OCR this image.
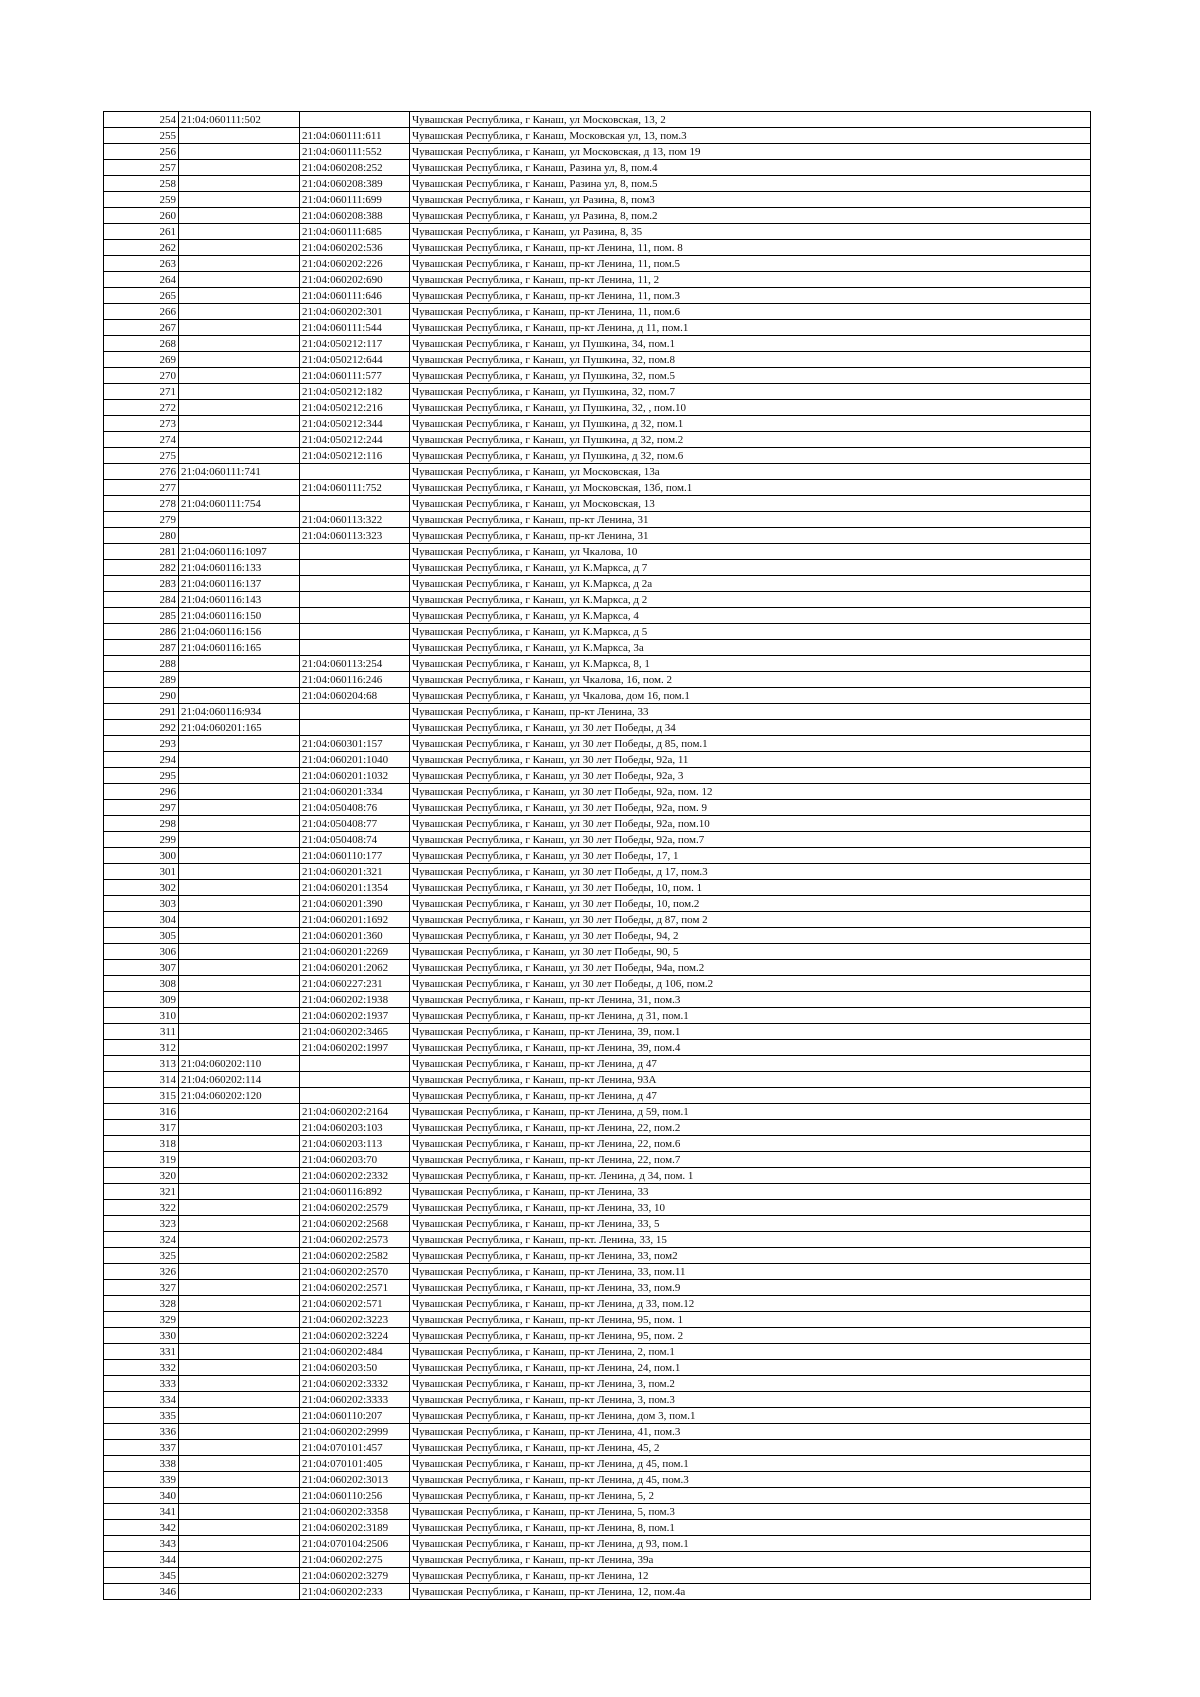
254	21:04:060111:502		Чувашская Республика, г Канаш, ул Московская, 13, 2
255		21:04:060111:611	Чувашская Республика, г Канаш, Московская ул, 13, пом.3
256		21:04:060111:552	Чувашская Республика, г Канаш, ул Московская, д 13, пом 19
257		21:04:060208:252	Чувашская Республика, г Канаш, Разина ул, 8, пом.4
258		21:04:060208:389	Чувашская Республика, г Канаш, Разина ул, 8, пом.5
259		21:04:060111:699	Чувашская Республика, г Канаш, ул Разина, 8, пом3
260		21:04:060208:388	Чувашская Республика, г Канаш, ул Разина, 8, пом.2
261		21:04:060111:685	Чувашская Республика, г Канаш, ул Разина, 8, 35
262		21:04:060202:536	Чувашская Республика, г Канаш, пр-кт Ленина, 11, пом. 8
263		21:04:060202:226	Чувашская Республика, г Канаш, пр-кт Ленина, 11, пом.5
264		21:04:060202:690	Чувашская Республика, г Канаш, пр-кт Ленина, 11, 2
265		21:04:060111:646	Чувашская Республика, г Канаш, пр-кт Ленина, 11, пом.3
266		21:04:060202:301	Чувашская Республика, г Канаш, пр-кт Ленина, 11, пом.6
267		21:04:060111:544	Чувашская Республика, г Канаш, пр-кт Ленина, д 11, пом.1
268		21:04:050212:117	Чувашская Республика, г Канаш, ул Пушкина, 34, пом.1
269		21:04:050212:644	Чувашская Республика, г Канаш, ул Пушкина, 32, пом.8
270		21:04:060111:577	Чувашская Республика, г Канаш, ул Пушкина, 32, пом.5
271		21:04:050212:182	Чувашская Республика, г Канаш, ул Пушкина, 32, пом.7
272		21:04:050212:216	Чувашская Республика, г Канаш, ул Пушкина, 32, , пом.10
273		21:04:050212:344	Чувашская Республика, г Канаш, ул Пушкина, д 32, пом.1
274		21:04:050212:244	Чувашская Республика, г Канаш, ул Пушкина, д 32, пом.2
275		21:04:050212:116	Чувашская Республика, г Канаш, ул Пушкина, д 32, пом.6
276	21:04:060111:741		Чувашская Республика, г Канаш, ул Московская, 13а
277		21:04:060111:752	Чувашская Республика, г Канаш, ул Московская, 13б, пом.1
278	21:04:060111:754		Чувашская Республика, г Канаш, ул Московская, 13
279		21:04:060113:322	Чувашская Республика, г Канаш, пр-кт Ленина, 31
280		21:04:060113:323	Чувашская Республика, г Канаш, пр-кт Ленина, 31
281	21:04:060116:1097		Чувашская Республика, г Канаш, ул Чкалова, 10
282	21:04:060116:133		Чувашская Республика, г Канаш, ул К.Маркса, д 7
283	21:04:060116:137		Чувашская Республика, г Канаш, ул К.Маркса, д 2а
284	21:04:060116:143		Чувашская Республика, г Канаш, ул К.Маркса, д 2
285	21:04:060116:150		Чувашская Республика, г Канаш, ул К.Маркса, 4
286	21:04:060116:156		Чувашская Республика, г Канаш, ул К.Маркса, д 5
287	21:04:060116:165		Чувашская Республика, г Канаш, ул К.Маркса, 3а
288		21:04:060113:254	Чувашская Республика, г Канаш, ул К.Маркса, 8, 1
289		21:04:060116:246	Чувашская Республика, г Канаш, ул Чкалова, 16, пом. 2
290		21:04:060204:68	Чувашская Республика, г Канаш, ул Чкалова, дом 16, пом.1
291	21:04:060116:934		Чувашская Республика, г Канаш, пр-кт Ленина, 33
292	21:04:060201:165		Чувашская Республика, г Канаш, ул 30 лет Победы, д 34
293		21:04:060301:157	Чувашская Республика, г Канаш, ул 30 лет Победы, д 85, пом.1
294		21:04:060201:1040	Чувашская Республика, г Канаш, ул 30 лет Победы, 92а, 11
295		21:04:060201:1032	Чувашская Республика, г Канаш, ул 30 лет Победы, 92а, 3
296		21:04:060201:334	Чувашская Республика, г Канаш, ул 30 лет Победы, 92а, пом. 12
297		21:04:050408:76	Чувашская Республика, г Канаш, ул 30 лет Победы, 92а, пом. 9
298		21:04:050408:77	Чувашская Республика, г Канаш, ул 30 лет Победы, 92а, пом.10
299		21:04:050408:74	Чувашская Республика, г Канаш, ул 30 лет Победы, 92а, пом.7
300		21:04:060110:177	Чувашская Республика, г Канаш, ул 30 лет Победы, 17, 1
301		21:04:060201:321	Чувашская Республика, г Канаш, ул 30 лет Победы, д 17, пом.3
302		21:04:060201:1354	Чувашская Республика, г Канаш, ул 30 лет Победы, 10, пом. 1
303		21:04:060201:390	Чувашская Республика, г Канаш, ул 30 лет Победы, 10, пом.2
304		21:04:060201:1692	Чувашская Республика, г Канаш, ул 30 лет Победы, д 87, пом 2
305		21:04:060201:360	Чувашская Республика, г Канаш, ул 30 лет Победы, 94, 2
306		21:04:060201:2269	Чувашская Республика, г Канаш, ул 30 лет Победы, 90, 5
307		21:04:060201:2062	Чувашская Республика, г Канаш, ул 30 лет Победы, 94а, пом.2
308		21:04:060227:231	Чувашская Республика, г Канаш, ул 30 лет Победы, д 106, пом.2
309		21:04:060202:1938	Чувашская Республика, г Канаш, пр-кт Ленина, 31, пом.3
310		21:04:060202:1937	Чувашская Республика, г Канаш, пр-кт Ленина, д 31, пом.1
311		21:04:060202:3465	Чувашская Республика, г Канаш, пр-кт Ленина, 39, пом.1
312		21:04:060202:1997	Чувашская Республика, г Канаш, пр-кт Ленина, 39, пом.4
313	21:04:060202:110		Чувашская Республика, г Канаш, пр-кт Ленина, д 47
314	21:04:060202:114		Чувашская Республика, г Канаш, пр-кт Ленина, 93А
315	21:04:060202:120		Чувашская Республика, г Канаш, пр-кт Ленина, д 47
316		21:04:060202:2164	Чувашская Республика, г Канаш, пр-кт Ленина, д 59, пом.1
317		21:04:060203:103	Чувашская Республика, г Канаш, пр-кт Ленина, 22, пом.2
318		21:04:060203:113	Чувашская Республика, г Канаш, пр-кт Ленина, 22, пом.6
319		21:04:060203:70	Чувашская Республика, г Канаш, пр-кт Ленина, 22, пом.7
320		21:04:060202:2332	Чувашская Республика, г Канаш, пр-кт. Ленина, д 34, пом. 1
321		21:04:060116:892	Чувашская Республика, г Канаш, пр-кт Ленина, 33
322		21:04:060202:2579	Чувашская Республика, г Канаш, пр-кт Ленина, 33, 10
323		21:04:060202:2568	Чувашская Республика, г Канаш, пр-кт Ленина, 33, 5
324		21:04:060202:2573	Чувашская Республика, г Канаш, пр-кт. Ленина, 33, 15
325		21:04:060202:2582	Чувашская Республика, г Канаш, пр-кт Ленина, 33, пом2
326		21:04:060202:2570	Чувашская Республика, г Канаш, пр-кт Ленина, 33, пом.11
327		21:04:060202:2571	Чувашская Республика, г Канаш, пр-кт Ленина, 33, пом.9
328		21:04:060202:571	Чувашская Республика, г Канаш, пр-кт Ленина, д 33, пом.12
329		21:04:060202:3223	Чувашская Республика, г Канаш, пр-кт Ленина, 95, пом. 1
330		21:04:060202:3224	Чувашская Республика, г Канаш, пр-кт Ленина, 95, пом. 2
331		21:04:060202:484	Чувашская Республика, г Канаш, пр-кт Ленина, 2, пом.1
332		21:04:060203:50	Чувашская Республика, г Канаш, пр-кт Ленина, 24, пом.1
333		21:04:060202:3332	Чувашская Республика, г Канаш, пр-кт Ленина, 3, пом.2
334		21:04:060202:3333	Чувашская Республика, г Канаш, пр-кт Ленина, 3, пом.3
335		21:04:060110:207	Чувашская Республика, г Канаш, пр-кт Ленина, дом 3, пом.1
336		21:04:060202:2999	Чувашская Республика, г Канаш, пр-кт Ленина, 41, пом.3
337		21:04:070101:457	Чувашская Республика, г Канаш, пр-кт Ленина, 45, 2
338		21:04:070101:405	Чувашская Республика, г Канаш, пр-кт Ленина, д 45, пом.1
339		21:04:060202:3013	Чувашская Республика, г Канаш, пр-кт Ленина, д 45, пом.3
340		21:04:060110:256	Чувашская Республика, г Канаш, пр-кт Ленина, 5, 2
341		21:04:060202:3358	Чувашская Республика, г Канаш, пр-кт Ленина, 5, пом.3
342		21:04:060202:3189	Чувашская Республика, г Канаш, пр-кт Ленина, 8, пом.1
343		21:04:070104:2506	Чувашская Республика, г Канаш, пр-кт Ленина, д 93, пом.1
344		21:04:060202:275	Чувашская Республика, г Канаш, пр-кт Ленина, 39а
345		21:04:060202:3279	Чувашская Республика, г Канаш, пр-кт Ленина, 12
346		21:04:060202:233	Чувашская Республика, г Канаш, пр-кт Ленина, 12, пом.4а
